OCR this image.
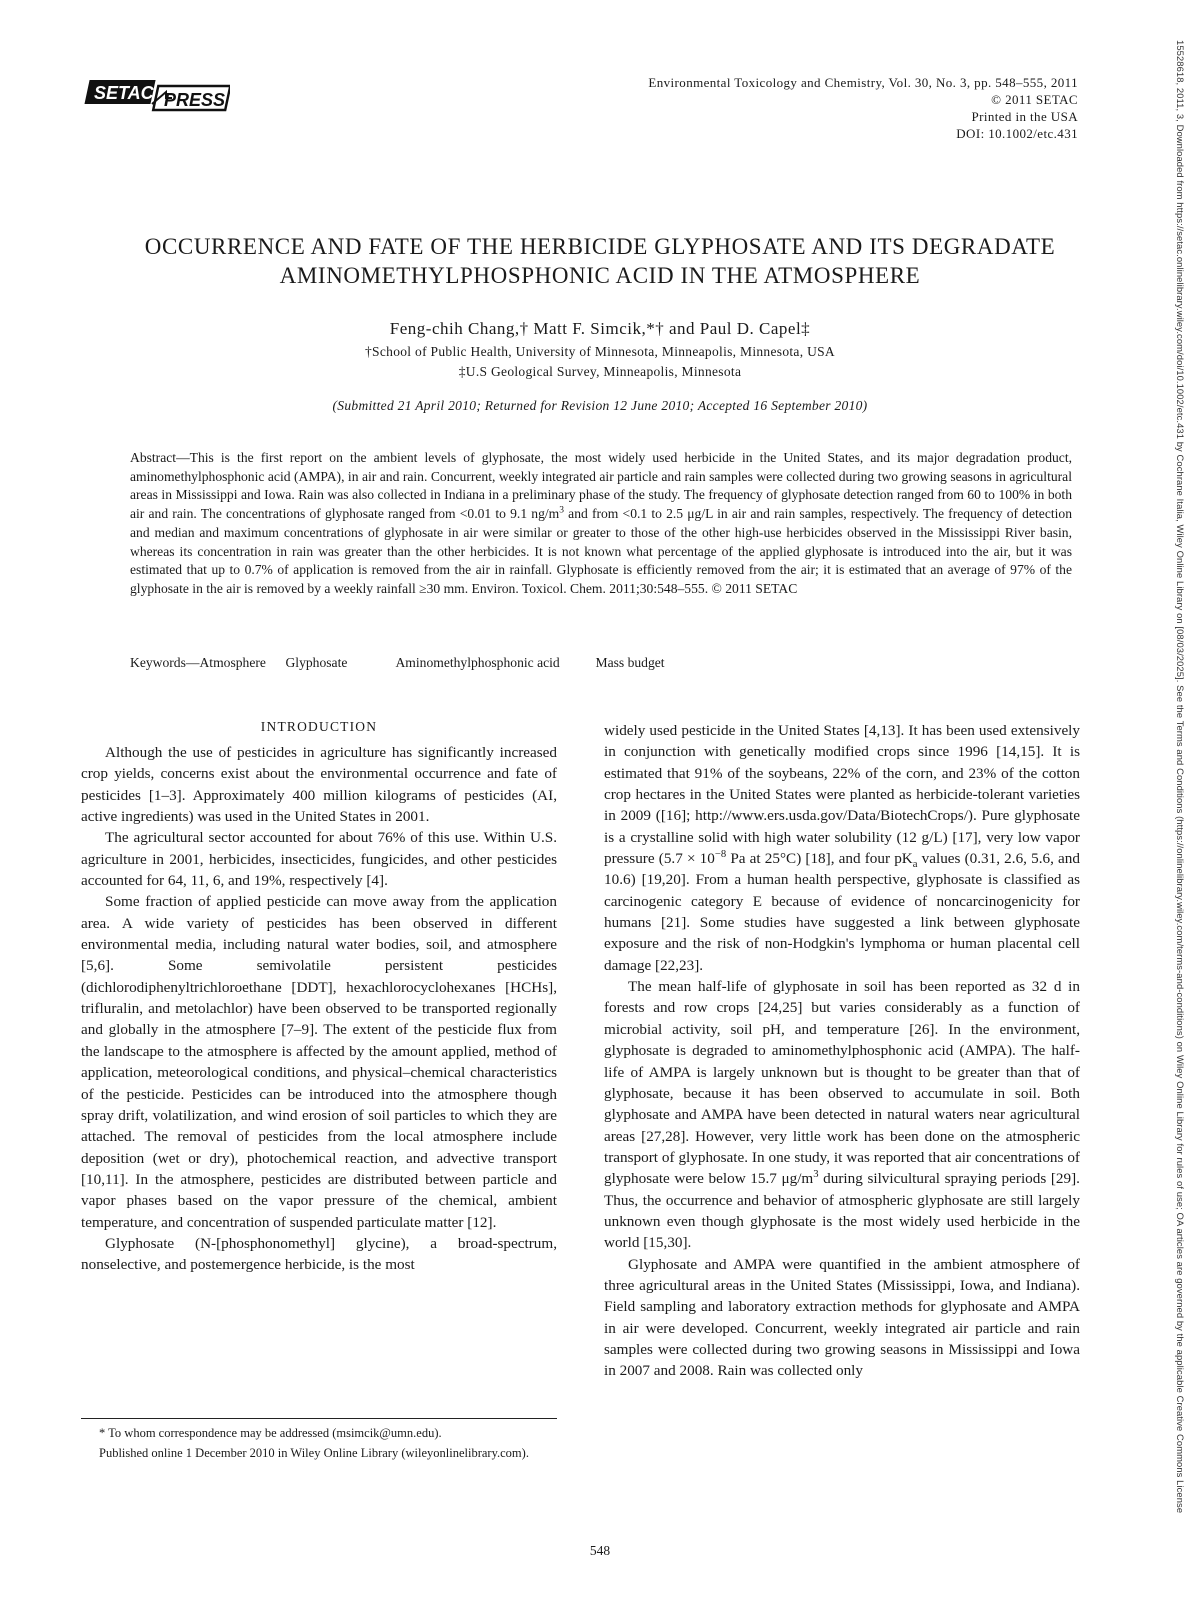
SETAC PRESS
Environmental Toxicology and Chemistry, Vol. 30, No. 3, pp. 548–555, 2011
© 2011 SETAC
Printed in the USA
DOI: 10.1002/etc.431	15528618, 2011, 3, Downloaded from https://setac.onlinelibrary.wiley.com/doi/10.1002/etc.431 by Cochrane Italia, Wiley Online Library on [08/03/2025]. See the Terms and Conditions (https://onlinelibrary.wiley.com/terms-and-conditions) on Wiley Online Library for rules of use; OA articles are governed by the applicable Creative Commons License
OCCURRENCE AND FATE OF THE HERBICIDE GLYPHOSATE AND ITS DEGRADATE
AMINOMETHYLPHOSPHONIC ACID IN THE ATMOSPHERE
Feng-chih Chang,† Matt F. Simcik,*† and Paul D. Capel‡
†School of Public Health, University of Minnesota, Minneapolis, Minnesota, USA
‡U.S Geological Survey, Minneapolis, Minnesota
(Submitted 21 April 2010; Returned for Revision 12 June 2010; Accepted 16 September 2010)
Abstract—This is the first report on the ambient levels of glyphosate, the most widely used herbicide in the United States, and its major degradation product, aminomethylphosphonic acid (AMPA), in air and rain. Concurrent, weekly integrated air particle and rain samples were collected during two growing seasons in agricultural areas in Mississippi and Iowa. Rain was also collected in Indiana in a preliminary phase of the study. The frequency of glyphosate detection ranged from 60 to 100% in both air and rain. The concentrations of glyphosate ranged from <0.01 to 9.1 $ng/m^3$ and from <0.1 to 2.5 μg/L in air and rain samples, respectively. The frequency of detection and median and maximum concentrations of glyphosate in air were similar or greater to those of the other high-use herbicides observed in the Mississippi River basin, whereas its concentration in rain was greater than the other herbicides. It is not known what percentage of the applied glyphosate is introduced into the air, but it was estimated that up to 0.7% of application is removed from the air in rainfall. Glyphosate is efficiently removed from the air; it is estimated that an average of 97% of the glyphosate in the air is removed by a weekly rainfall ≥30 mm. Environ. Toxicol. Chem. 2011;30:548–555. © 2011 SETAC
Keywords—Atmosphere Glyphosate	Aminomethylphosphonic acid	Mass budget
INTRODUCTION

Although the use of pesticides in agriculture has significantly increased crop yields, concerns exist about the environmental occurrence and fate of pesticides [1–3]. Approximately 400 million kilograms of pesticides (AI, active ingredients) was used in the United States in 2001.

The agricultural sector accounted for about 76% of this use. Within U.S. agriculture in 2001, herbicides, insecticides, fungicides, and other pesticides accounted for 64, 11, 6, and 19%, respectively [4].

Some fraction of applied pesticide can move away from the application area. A wide variety of pesticides has been observed in different environmental media, including natural water bodies, soil, and atmosphere [5,6]. Some semivolatile persistent pesticides (dichlorodiphenyltrichloroethane [DDT], hexachlorocyclohexanes [HCHs], trifluralin, and metolachlor) have been observed to be transported regionally and globally in the atmosphere [7–9]. The extent of the pesticide flux from the landscape to the atmosphere is affected by the amount applied, method of application, meteorological conditions, and physical–chemical characteristics of the pesticide. Pesticides can be introduced into the atmosphere though spray drift, volatilization, and wind erosion of soil particles to which they are attached. The removal of pesticides from the local atmosphere include deposition (wet or dry), photochemical reaction, and advective transport [10,11]. In the atmosphere, pesticides are distributed between particle and vapor phases based on the vapor pressure of the chemical, ambient temperature, and concentration of suspended particulate matter [12].

Glyphosate (N-[phosphonomethyl] glycine), a broad-spectrum, nonselective, and postemergence herbicide, is the most

widely used pesticide in the United States [4,13]. It has been used extensively in conjunction with genetically modified crops since 1996 [14,15]. It is estimated that 91% of the soybeans, 22% of the corn, and 23% of the cotton crop hectares in the United States were planted as herbicide-tolerant varieties in 2009 ([16]; http://www.ers.usda.gov/Data/BiotechCrops/). Pure glyphosate is a crystalline solid with high water solubility (12 g/L) [17], very low vapor pressure ($5.7 \times 10^{-8}$ Pa at 25°C) [18], and four $pK_a$ values (0.31, 2.6, 5.6, and 10.6) [19,20]. From a human health perspective, glyphosate is classified as carcinogenic category E because of evidence of noncarcinogenicity for humans [21]. Some studies have suggested a link between glyphosate exposure and the risk of non-Hodgkin's lymphoma or human placental cell damage [22,23].

The mean half-life of glyphosate in soil has been reported as 32 d in forests and row crops [24,25] but varies considerably as a function of microbial activity, soil pH, and temperature [26]. In the environment, glyphosate is degraded to aminomethylphosphonic acid (AMPA). The half-life of AMPA is largely unknown but is thought to be greater than that of glyphosate, because it has been observed to accumulate in soil. Both glyphosate and AMPA have been detected in natural waters near agricultural areas [27,28]. However, very little work has been done on the atmospheric transport of glyphosate. In one study, it was reported that air concentrations of glyphosate were below 15.7 $\mu g/m^3$ during silvicultural spraying periods [29]. Thus, the occurrence and behavior of atmospheric glyphosate are still largely unknown even though glyphosate is the most widely used herbicide in the world [15,30].

Glyphosate and AMPA were quantified in the ambient atmosphere of three agricultural areas in the United States (Mississippi, Iowa, and Indiana). Field sampling and laboratory extraction methods for glyphosate and AMPA in air were developed. Concurrent, weekly integrated air particle and rain samples were collected during two growing seasons in Mississippi and Iowa in 2007 and 2008. Rain was collected only

* To whom correspondence may be addressed (msimcik@umn.edu).

Published online 1 December 2010 in Wiley Online Library (wileyonlinelibrary.com).

548
